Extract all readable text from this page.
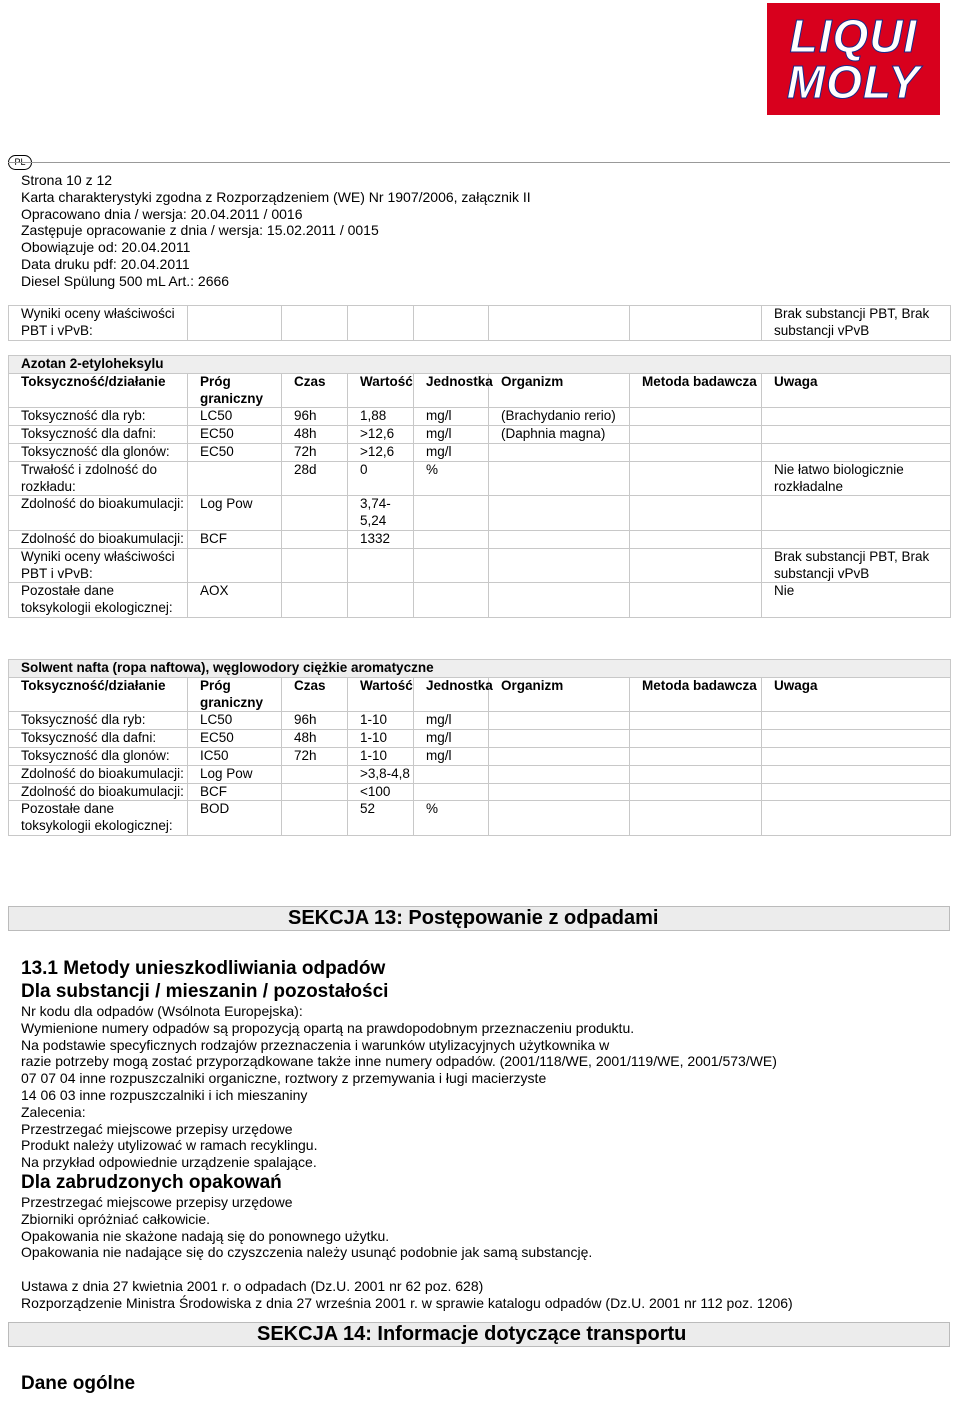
LIQUI
MOLY
PL
Strona 10 z 12
Karta charakterystyki zgodna z Rozporządzeniem (WE) Nr 1907/2006, załącznik II
Opracowano dnia / wersja: 20.04.2011 / 0016
Zastępuje opracowanie z dnia / wersja: 15.02.2011 / 0015
Obowiązuje od: 20.04.2011
Data druku pdf: 20.04.2011
Diesel Spülung 500 mL Art.: 2666
Wyniki oceny właściwości PBT i vPvB:							Brak substancji PBT, Brak substancji vPvB
Azotan 2-etyloheksylu							
Toksyczność/działanie	Próg graniczny	Czas	Wartość	Jednostka	Organizm	Metoda badawcza	Uwaga
Toksyczność dla ryb:	LC50	96h	1,88	mg/l	(Brachydanio rerio)		
Toksyczność dla dafni:	EC50	48h	>12,6	mg/l	(Daphnia magna)		
Toksyczność dla glonów:	EC50	72h	>12,6	mg/l			
Trwałość i zdolność do rozkładu:		28d	0	%			Nie łatwo biologicznie rozkładalne
Zdolność do bioakumulacji:	Log Pow		3,74-5,24				
Zdolność do bioakumulacji:	BCF		1332				
Wyniki oceny właściwości PBT i vPvB:							Brak substancji PBT, Brak substancji vPvB
Pozostałe dane toksykologii ekologicznej:	AOX						Nie
Solwent nafta (ropa naftowa), węglowodory ciężkie aromatyczne							
Toksyczność/działanie	Próg graniczny	Czas	Wartość	Jednostka	Organizm	Metoda badawcza	Uwaga
Toksyczność dla ryb:	LC50	96h	1-10	mg/l			
Toksyczność dla dafni:	EC50	48h	1-10	mg/l			
Toksyczność dla glonów:	IC50	72h	1-10	mg/l			
Zdolność do bioakumulacji:	Log Pow		>3,8-4,8				
Zdolność do bioakumulacji:	BCF		<100				
Pozostałe dane toksykologii ekologicznej:	BOD		52	%			
SEKCJA 13: Postępowanie z odpadami
13.1 Metody unieszkodliwiania odpadów
Dla substancji / mieszanin / pozostałości
Nr kodu dla odpadów (Wsólnota Europejska):
Wymienione numery odpadów są propozycją opartą na prawdopodobnym przeznaczeniu produktu.
Na podstawie specyficznych rodzajów przeznaczenia i warunków utylizacyjnych użytkownika w
razie potrzeby mogą zostać przyporządkowane także inne numery odpadów. (2001/118/WE, 2001/119/WE, 2001/573/WE)
07 07 04 inne rozpuszczalniki organiczne, roztwory z przemywania i ługi macierzyste
14 06 03 inne rozpuszczalniki i ich mieszaniny
Zalecenia:
Przestrzegać miejscowe przepisy urzędowe
Produkt należy utylizować w ramach recyklingu.
Na przykład odpowiednie urządzenie spalające.
Dla zabrudzonych opakowań
Przestrzegać miejscowe przepisy urzędowe
Zbiorniki opróżniać całkowicie.
Opakowania nie skażone nadają się do ponownego użytku.
Opakowania nie nadające się do czyszczenia należy usunąć podobnie jak samą substancję.
Ustawa z dnia 27 kwietnia 2001 r. o odpadach (Dz.U. 2001 nr 62 poz. 628)
Rozporządzenie Ministra Środowiska z dnia 27 września 2001 r. w sprawie katalogu odpadów (Dz.U. 2001 nr 112 poz. 1206)
SEKCJA 14: Informacje dotyczące transportu
Dane ogólne
